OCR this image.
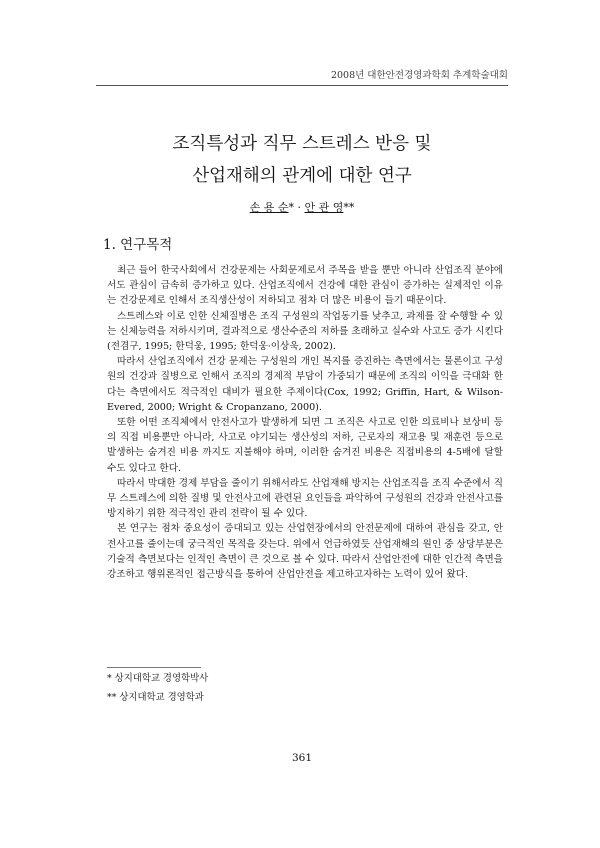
2008년 대한안전경영과학회 추계학술대회
조직특성과 직무 스트레스 반응 및
산업재해의 관계에 대한 연구
손 용 순* · 안 관 영**
1. 연구목적

최근 들어 한국사회에서 건강문제는 사회문제로서 주목을 받을 뿐만 아니라 산업조직 분야에서도 관심이 급속히 증가하고 있다. 산업조직에서 건강에 대한 관심이 증가하는 실제적인 이유는 건강문제로 인해서 조직생산성이 저하되고 점차 더 많은 비용이 들기 때문이다.

스트레스와 이로 인한 신체질병은 조직 구성원의 작업동기를 낮추고, 과제를 잘 수행할 수 있는 신체능력을 저하시키며, 결과적으로 생산수준의 저하를 초래하고 실수와 사고도 증가 시킨다(전겸구, 1995; 한덕웅, 1995; 한덕웅·이상욱, 2002).

따라서 산업조직에서 건강 문제는 구성원의 개인 복지를 증진하는 측면에서는 물론이고 구성원의 건강과 질병으로 인해서 조직의 경제적 부담이 가중되기 때문에 조직의 이익을 극대화 한다는 측면에서도 적극적인 대비가 필요한 주제이다(Cox, 1992; Griffin, Hart, & Wilson-Evered, 2000; Wright & Cropanzano, 2000).

또한 어떤 조직체에서 안전사고가 발생하게 되면 그 조직은 사고로 인한 의료비나 보상비 등의 직접 비용뿐만 아니라, 사고로 야기되는 생산성의 저하, 근로자의 재고용 및 재훈련 등으로 발생하는 숨겨진 비용 까지도 지불해야 하며, 이러한 숨겨진 비용은 직접비용의 4-5배에 달할 수도 있다고 한다.

따라서 막대한 경제 부담을 줄이기 위해서라도 산업재해 방지는 산업조직을 조직 수준에서 직무 스트레스에 의한 질병 및 안전사고에 관련된 요인들을 파악하여 구성원의 건강과 안전사고를 방지하기 위한 적극적인 관리 전략이 될 수 있다.

본 연구는 점차 중요성이 증대되고 있는 산업현장에서의 안전문제에 대하여 관심을 갖고, 안전사고를 줄이는데 궁극적인 목적을 갖는다. 위에서 언급하였듯 산업재해의 원인 중 상당부분은 기술적 측면보다는 인적인 측면이 큰 것으로 볼 수 있다. 따라서 산업안전에 대한 인간적 측면을 강조하고 행위론적인 접근방식을 통하여 산업안전을 제고하고자하는 노력이 있어 왔다.

* 상지대학교 경영학박사
** 상지대학교 경영학과
361
